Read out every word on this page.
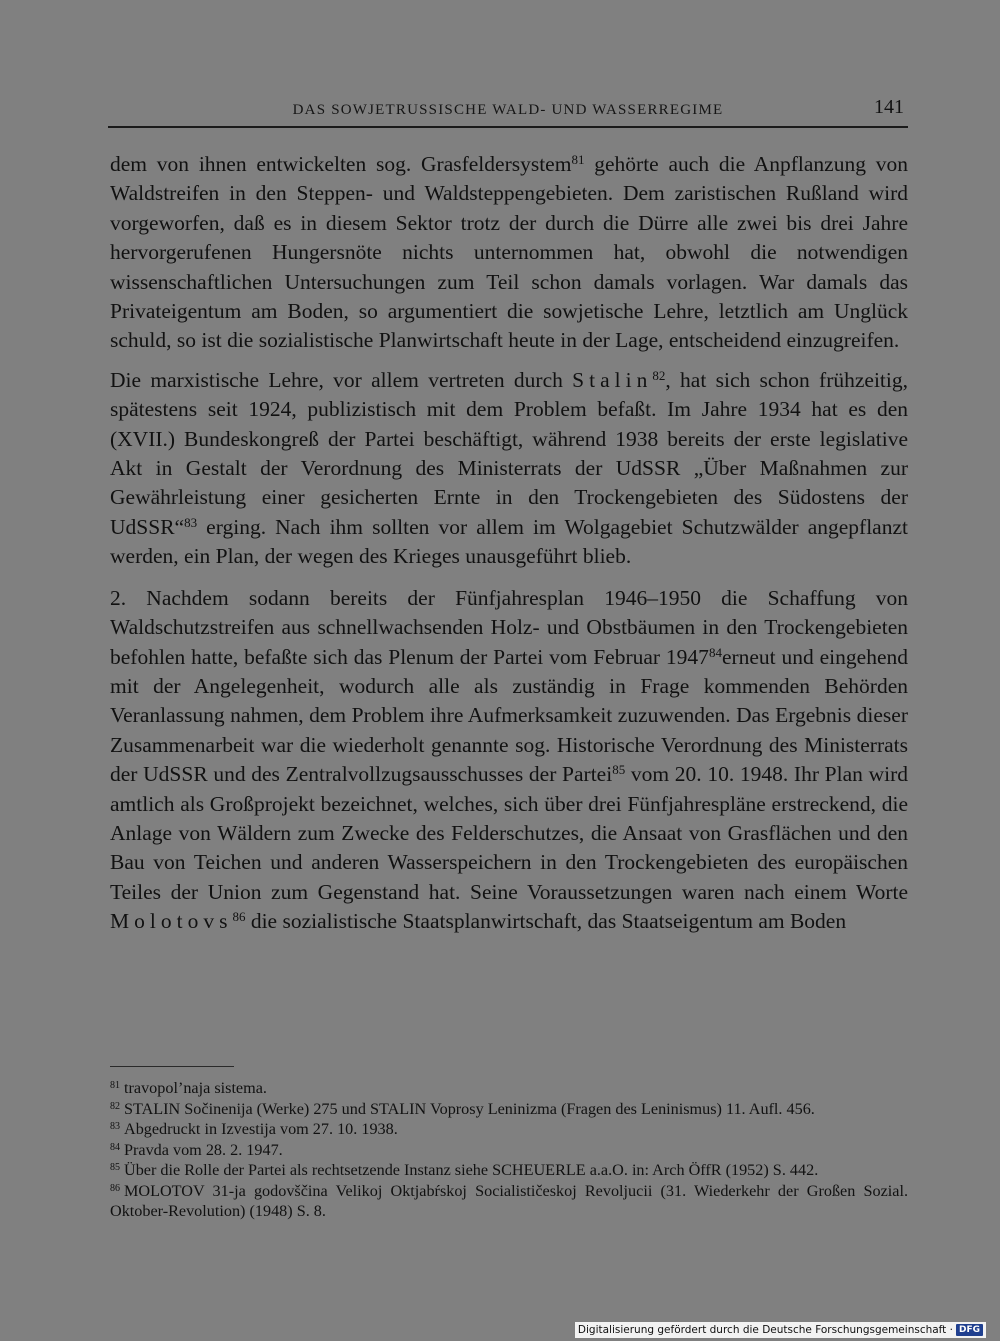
DAS SOWJETRUSSISCHE WALD- UND WASSERREGIME	141

dem von ihnen entwickelten sog. Grasfeldersystem$^{81}$ gehörte auch die Anpflanzung von Waldstreifen in den Steppen- und Waldsteppengebieten. Dem zaristischen Rußland wird vorgeworfen, daß es in diesem Sektor trotz der durch die Dürre alle zwei bis drei Jahre hervorgerufenen Hungersnöte nichts unternommen hat, obwohl die notwendigen wissenschaftlichen Untersuchungen zum Teil schon damals vorlagen. War damals das Privateigentum am Boden, so argumentiert die sowjetische Lehre, letztlich am Unglück schuld, so ist die sozialistische Planwirtschaft heute in der Lage, entscheidend einzugreifen.

Die marxistische Lehre, vor allem vertreten durch Stalin$^{82}$, hat sich schon frühzeitig, spätestens seit 1924, publizistisch mit dem Problem befaßt. Im Jahre 1934 hat es den (XVII.) Bundeskongreß der Partei beschäftigt, während 1938 bereits der erste legislative Akt in Gestalt der Verordnung des Ministerrats der UdSSR „Über Maßnahmen zur Gewährleistung einer gesicherten Ernte in den Trockengebieten des Südostens der UdSSR“$^{83}$ erging. Nach ihm sollten vor allem im Wolgagebiet Schutzwälder angepflanzt werden, ein Plan, der wegen des Krieges unausgeführt blieb.

2. Nachdem sodann bereits der Fünfjahresplan 1946–1950 die Schaffung von Waldschutzstreifen aus schnellwachsenden Holz- und Obstbäumen in den Trockengebieten befohlen hatte, befaßte sich das Plenum der Partei vom Februar 1947$^{84}$erneut und eingehend mit der Angelegenheit, wodurch alle als zuständig in Frage kommenden Behörden Veranlassung nahmen, dem Problem ihre Aufmerksamkeit zuzuwenden. Das Ergebnis dieser Zusammenarbeit war die wiederholt genannte sog. Historische Verordnung des Ministerrats der UdSSR und des Zentralvollzugsausschusses der Partei$^{85}$ vom 20. 10. 1948. Ihr Plan wird amtlich als Großprojekt bezeichnet, welches, sich über drei Fünfjahrespläne erstreckend, die Anlage von Wäldern zum Zwecke des Felderschutzes, die Ansaat von Grasflächen und den Bau von Teichen und anderen Wasserspeichern in den Trockengebieten des europäischen Teiles der Union zum Gegenstand hat. Seine Voraussetzungen waren nach einem Worte Molotovs$^{86}$ die sozialistische Staatsplanwirtschaft, das Staatseigentum am Boden

$^{81}$ travopol’naja sistema.

$^{82}$ STALIN Sočinenija (Werke) 275 und STALIN Voprosy Leninizma (Fragen des Leninismus) 11. Aufl. 456.

$^{83}$ Abgedruckt in Izvestija vom 27. 10. 1938.

$^{84}$ Pravda vom 28. 2. 1947.

$^{85}$ Über die Rolle der Partei als rechtsetzende Instanz siehe SCHEUERLE a.a.O. in: Arch ÖffR (1952) S. 442.

$^{86}$ MOLOTOV 31-ja godovščina Velikoj Oktjabŕskoj Socialističeskoj Revoljucii (31. Wiederkehr der Großen Sozial. Oktober-Revolution) (1948) S. 8.

Digitalisierung gefördert durch die Deutsche Forschungsgemeinschaft · DFG
